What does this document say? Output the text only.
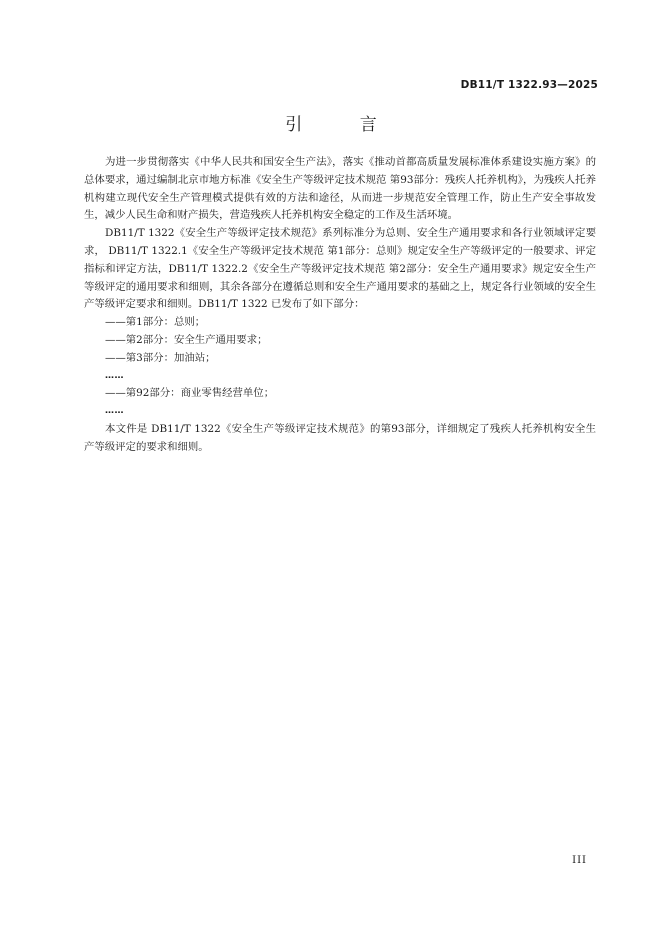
DB11/T 1322.93—2025
引 言

为进一步贯彻落实《中华人民共和国安全生产法》，落实《推动首都高质量发展标准体系建设实施方案》的总体要求，通过编制北京市地方标准《安全生产等级评定技术规范 第93部分：残疾人托养机构》，为残疾人托养机构建立现代安全生产管理模式提供有效的方法和途径，从而进一步规范安全管理工作，防止生产安全事故发生，减少人民生命和财产损失，营造残疾人托养机构安全稳定的工作及生活环境。

DB11/T 1322《安全生产等级评定技术规范》系列标准分为总则、安全生产通用要求和各行业领域评定要求， DB11/T 1322.1《安全生产等级评定技术规范 第1部分：总则》规定安全生产等级评定的一般要求、评定指标和评定方法，DB11/T 1322.2《安全生产等级评定技术规范 第2部分：安全生产通用要求》规定安全生产等级评定的通用要求和细则，其余各部分在遵循总则和安全生产通用要求的基础之上，规定各行业领域的安全生产等级评定要求和细则。DB11/T 1322 已发布了如下部分：

——第1部分：总则；

——第2部分：安全生产通用要求；

——第3部分：加油站；

……

——第92部分：商业零售经营单位；

……

本文件是 DB11/T 1322《安全生产等级评定技术规范》的第93部分，详细规定了残疾人托养机构安全生产等级评定的要求和细则。

III
